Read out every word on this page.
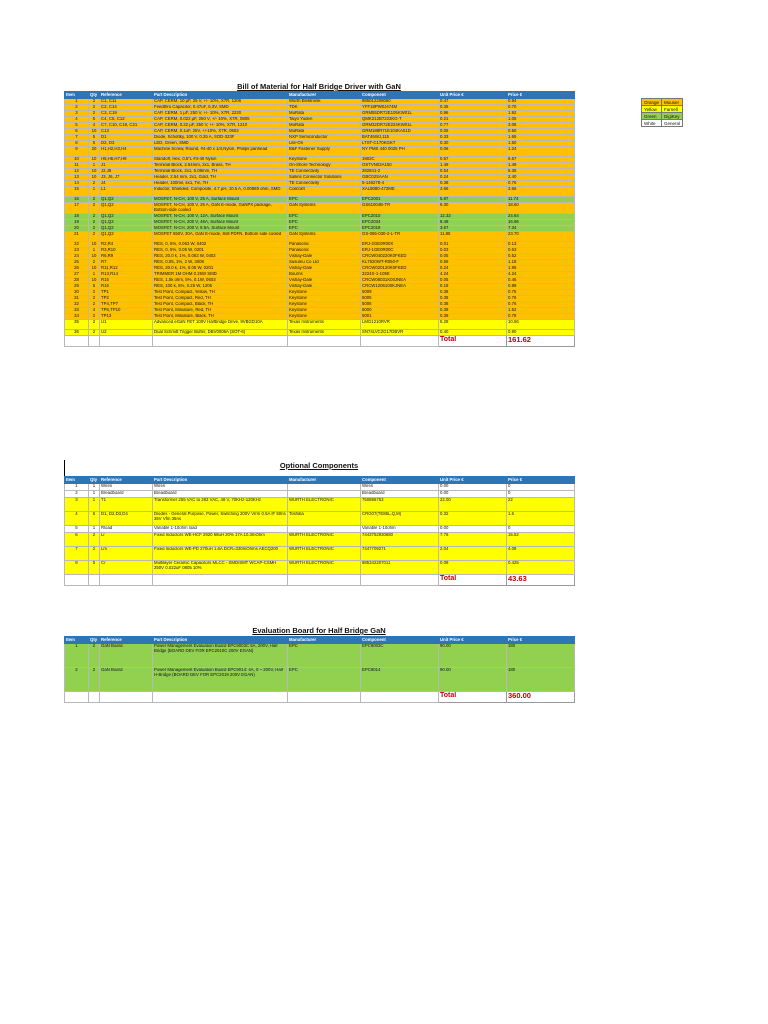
Bill of Material for Half Bridge Driver with GaN
Item	Qty	Reference	Part Description	Manufacturer	Component	Unit Price €	Price €
1	2	C1, C11	CAP, CERM, 10 µF, 25 V, +/- 10%, X7R, 1206	Würth Elektronik	885012208060	0.47	0.94
2	2	C2, C14	Feedthru Capacitor, 0.47uF, 6.3V, SMD	TDK	YFF18PW0J474M	0.35	0.70
3	2	C3, C19	CAP, CERM, 1 µF, 250 V, +/- 10%, X7R, 2220	MuRata	GRM55DR72E105KW01L	0.96	1.92
4	5	C4, C5, C12	CAP, CERM, 0.022 µF, 250 V, +/- 10%, X7R, 0805	Taiyo Yuden	QMK212B7223KG-T	0.21	1.05
5	4	C7, C10, C18, C21	CAP, CERM, 0.22 µF, 250 V, +/- 10%, X7R, 1210	MuRata	GRM32DR72E224KW01L	0.77	3.08
6	10	C13	CAP, CERM, 0.1uF, 25V, +/-10%, X7R, 0603	MuRata	GRM188R71E104KA01D	0.05	0.50
7	5	D1	Diode, Schottky, 100 V, 0.25 A, SOD-323F	NXP Semiconductor	BAT46WJ,115	0.33	1.65
8	5	D2, D3	LED, Green, SMD	Lite-On	LTST-C170KGKT	0.30	1.50
9	20	H1,H2,H3,H4	Machine Screw, Round, #4-40 x 1/4,Nylon, Philips panhead	B&F Fastener Supply	NY PMS 440 0025 PH	0.06	1.24
10	10	H5,H6,H7,H8	Standoff, Hex, 0.5"L #4-40 Nylon	Keystone	1902C	0.57	5.67
11	1	J1	Terminal Block, 2.54mm, 2x1, Brass, TH	On-Shore Technology	OSTVN02A150	1.49	1.49
12	10	J2,J5	Terminal Block, 2x1, 5.08mm, TH	TE Connectivity	282841-2	0.54	5.35
13	10	J3, J6, J7	Header, 2.54 mm, 2x1, Gold, TH	Sullins Connector Solutions	GBC02SAAN	0.24	2.40
14	2	J4	Header, 100mil, 4x1, Tin, TH	TE Connectivity	5-146278-4	0.38	0.76
15	1	L1	Inductor, Shielded, Composite, 4.7 µH, 10.5 A, 0.00889 ohm, SMD	Coilcraft	XAL8080-472ME	3.66	3.66
16	2	Q1,Q2	MOSFET, N-CH, 100 V, 25 A, Surface Mount	EPC	EPC2001	5.87	11.74
17	2	Q1,Q2	MOSFET, N-CH, 100 V, 25 A, GaN E-mode, GaNPX package, Bottom-side cooled	GaN Systems	GS61004B-TR	9.30	18.60
18	2	Q1,Q2	MOSFET, N-CH, 100 V, 12A, Surface Mount	EPC	EPC2010	12.32	24.64
19	2	Q1,Q2	MOSFET, N-CH, 200 V, 48A, Surface Mount	EPC	EPC2034	8.48	16.96
20	2	Q1,Q2	MOSFET, N-CH, 200 V, 8.5A, Surface Mount	EPC	EPC2019	3.67	7.34
21	2	Q1,Q2	MOSFET 650V, 30A, GaN E-mode, 8x8 PDFN, Bottom side cooled	GaN Systems	GS-065-030-2-L-TR	11.85	23.70
22	10	R2,R4	RES, 0, 5%, 0.063 W, 0402	Panasonic	ERJ-2GE0R00X	0.01	0.13
23	1	R3,R10	RES, 0, 5%, 0.05 W, 0201	Panasonic	ERJ-1GE0R00C	0.03	0.63
24	10	R6,R9	RES, 20.0 k, 1%, 0.063 W, 0402	Vishay-Dale	CRCW040220K0FKED	0.05	0.52
25	2	R7	RES, 0.05, 1%, 2 W, 3008	Susumu Co Ltd	KL7520WT-R050-F	0.59	1.18
26	10	R11,R12	RES, 20.0 k, 1%, 0.05 W, 0201	Vishay-Dale	CRCW020120K0FKED	0.24	1.95
27	1	R13,R14	TRIMMER 1M OHM 0.25W SMD	Bourns	3224X-1-105E	4.24	4.24
28	10	R15	RES, 1.0k ohm, 5%, 0.1W, 0603	Vishay-Dale	CRCW06031K00JNEA	0.05	0.46
29	5	R16	RES, 100 k, 5%, 0.25 W, 1206	Vishay-Dale	CRCW1206100KJNEA	0.18	0.89
30	2	TP1	Test Point, Compact, Yellow, TH	Keystone	5009	0.38	0.76
31	2	TP2	Test Point, Compact, Red, TH	Keystone	5005	0.38	0.76
32	2	TP4,TP7	Test Point, Compact, Black, TH	Keystone	5006	0.38	0.76
33	4	TP6,TP10	Test Point, Miniature, Red, TH	Keystone	5000	0.38	1.52
34	2	TP13	Test Point, Miniature, Black, TH	Keystone	5001	0.39	0.78
35	2	U1	Advanced eGaN FET 100V Halfbridge Drive, 9VBGD10A	Texas Instruments	LMG1210RVR	5.28	10.56
36	2	U2	Dual Schmitt Trigger Buffer, DBV0006A (SOT-6)	Texas Instruments	SN74LVC2G17DBVR	0.40	0.80
						Total	161.62
Optional Components
Item	Qty	Reference	Part Description	Manufacturer	Component	Unit Price €	Price €
1	1	Wires	Wires		Wires	0.00	0
2	1	Breadboard	Breadboard		Breadboard	0.00	0
3	1	T1	Transformer 255 VAC to 283 VAC, 48 V, 70KHz-120KHz	WÜRTH ELECTRONIC	750896753	22.00	22
4	5	D1, D2,D3,D4	Diodes - General Purpose, Power, Switching 200V Vrrm 0.5A IF 50ns 35V Vfm 35ns	Toshiba	CRG07(TE85L,Q,M)	0.32	1.6
5	1	Rload	Variable 1-10ohm load		Variable 1-10ohm	0.00	0
6	2	Lr	Fixed Inductors WE-HCF 2920 68uH 20% 17A 10.3mOhm	WÜRTH ELECTRONIC	7443752930680	7.76	15.52
7	2	Lm	Fixed Inductors WE-PD 270uH 1.6A DCR=330mOhms AECQ200	WÜRTH ELECTRONIC	7447709271	2.04	4.08
8	5	Cr	Multilayer Ceramic Capacitors MLCC - SMD/SMT WCAP-CSMH 250V 0.022uF 0805 10%	WÜRTH ELECTRONIC	885342207011	0.09	0.425
						Total	43.63
Evaluation Board for Half Bridge GaN
Item	Qty	Reference	Part Description	Manufacturer	Component	Unit Price €	Price €
1	2	GaN Board	Power Management Evaluation Board EPC9003C 5A, 200V, Half Bridge (BOARD DEV FOR EPC2010C 200V EGAN)	EPC	EPC9003C	90.00	180
2	2	GaN Board	Power Management Evaluation Board EPC9014: 4A, 0 ~ 200V, Half H-Bridge (BOARD DEV FOR EPC2019 200V EGAN)	EPC	EPC9014	90.00	180
						Total	360.00
Orange	Mouser
Yellow	Farnell
Green	DigiKey
White	General
